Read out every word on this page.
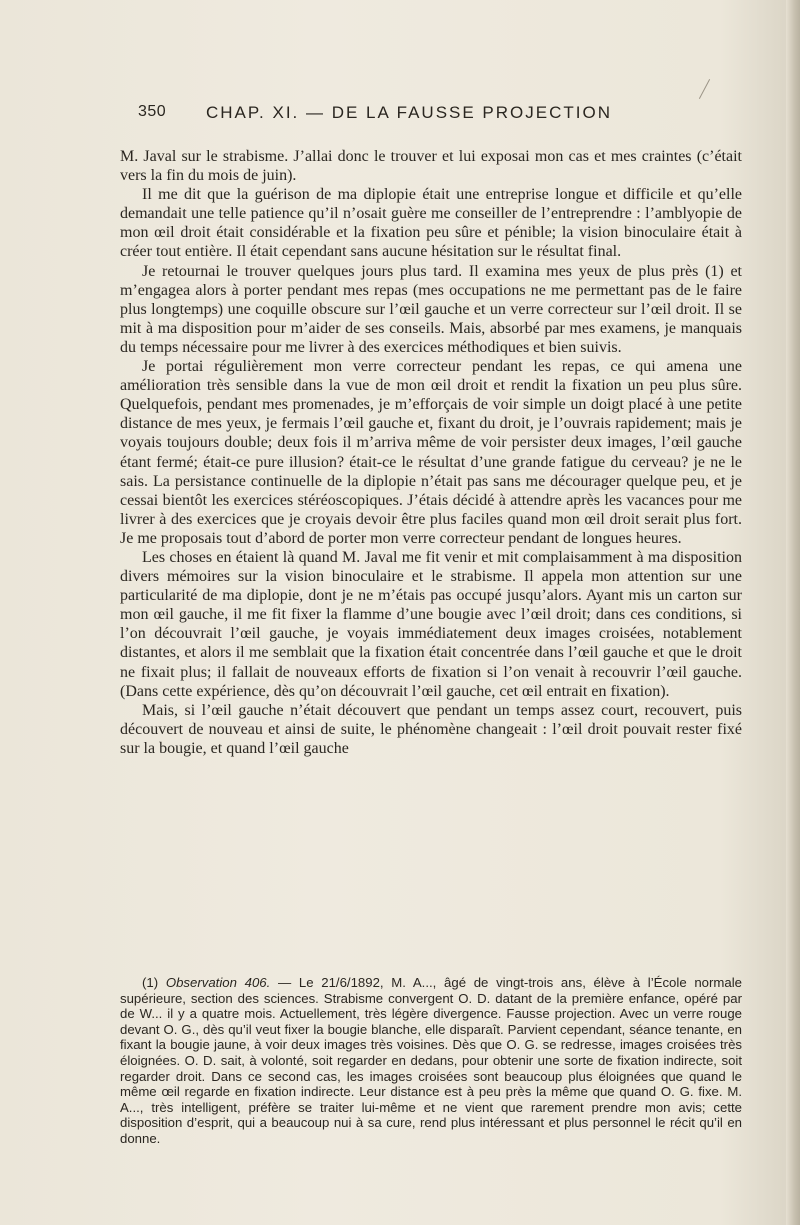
350 CHAP. XI. — DE LA FAUSSE PROJECTION

M. Javal sur le strabisme. J’allai donc le trouver et lui exposai mon cas et mes craintes (c’était vers la fin du mois de juin).

Il me dit que la guérison de ma diplopie était une entreprise longue et difficile et qu’elle demandait une telle patience qu’il n’osait guère me conseiller de l’entreprendre : l’amblyopie de mon œil droit était considérable et la fixation peu sûre et pénible; la vision binoculaire était à créer tout entière. Il était cependant sans aucune hésitation sur le résultat final.

Je retournai le trouver quelques jours plus tard. Il examina mes yeux de plus près (1) et m’engagea alors à porter pendant mes repas (mes occupations ne me permettant pas de le faire plus longtemps) une coquille obscure sur l’œil gauche et un verre correcteur sur l’œil droit. Il se mit à ma disposition pour m’aider de ses conseils. Mais, absorbé par mes examens, je manquais du temps nécessaire pour me livrer à des exercices méthodiques et bien suivis.

Je portai régulièrement mon verre correcteur pendant les repas, ce qui amena une amélioration très sensible dans la vue de mon œil droit et rendit la fixation un peu plus sûre. Quelquefois, pendant mes promenades, je m’efforçais de voir simple un doigt placé à une petite distance de mes yeux, je fermais l’œil gauche et, fixant du droit, je l’ouvrais rapidement; mais je voyais toujours double; deux fois il m’arriva même de voir persister deux images, l’œil gauche étant fermé; était-ce pure illusion? était-ce le résultat d’une grande fatigue du cerveau? je ne le sais. La persistance continuelle de la diplopie n’était pas sans me décourager quelque peu, et je cessai bientôt les exercices stéréoscopiques. J’étais décidé à attendre après les vacances pour me livrer à des exercices que je croyais devoir être plus faciles quand mon œil droit serait plus fort. Je me proposais tout d’abord de porter mon verre correcteur pendant de longues heures.

Les choses en étaient là quand M. Javal me fit venir et mit complaisamment à ma disposition divers mémoires sur la vision binoculaire et le strabisme. Il appela mon attention sur une particularité de ma diplopie, dont je ne m’étais pas occupé jusqu’alors. Ayant mis un carton sur mon œil gauche, il me fit fixer la flamme d’une bougie avec l’œil droit; dans ces conditions, si l’on découvrait l’œil gauche, je voyais immédiatement deux images croisées, notablement distantes, et alors il me semblait que la fixation était concentrée dans l’œil gauche et que le droit ne fixait plus; il fallait de nouveaux efforts de fixation si l’on venait à recouvrir l’œil gauche. (Dans cette expérience, dès qu’on découvrait l’œil gauche, cet œil entrait en fixation).

Mais, si l’œil gauche n’était découvert que pendant un temps assez court, recouvert, puis découvert de nouveau et ainsi de suite, le phénomène changeait : l’œil droit pouvait rester fixé sur la bougie, et quand l’œil gauche

(1) Observation 406. — Le 21/6/1892, M. A..., âgé de vingt-trois ans, élève à l’École normale supérieure, section des sciences. Strabisme convergent O. D. datant de la première enfance, opéré par de W... il y a quatre mois. Actuellement, très légère divergence. Fausse projection. Avec un verre rouge devant O. G., dès qu’il veut fixer la bougie blanche, elle disparaît. Parvient cependant, séance tenante, en fixant la bougie jaune, à voir deux images très voisines. Dès que O. G. se redresse, images croisées très éloignées. O. D. sait, à volonté, soit regarder en dedans, pour obtenir une sorte de fixation indirecte, soit regarder droit. Dans ce second cas, les images croisées sont beaucoup plus éloignées que quand le même œil regarde en fixation indirecte. Leur distance est à peu près la même que quand O. G. fixe. M. A..., très intelligent, préfère se traiter lui-même et ne vient que rarement prendre mon avis; cette disposition d’esprit, qui a beaucoup nui à sa cure, rend plus intéressant et plus personnel le récit qu’il en donne.
